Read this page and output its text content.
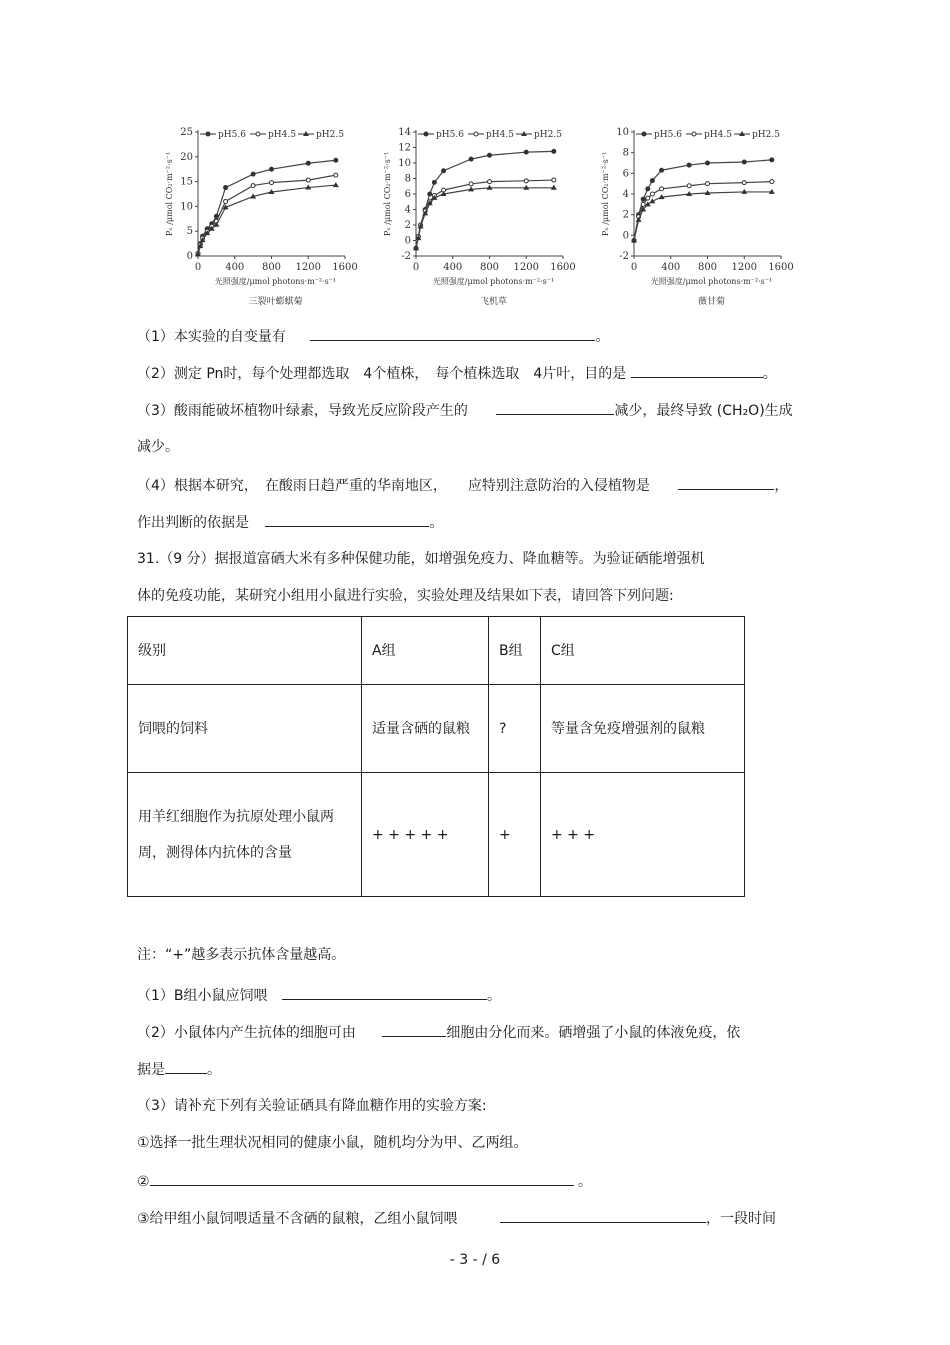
0
5
10
15
20
25
0 400 800 1200 1600
Pₙ /μmol CO₂·m⁻²·s⁻¹
光照强度/μmol photons·m⁻²·s⁻¹
三裂叶蟛蜞菊
pH5.6 pH4.5 pH2.5
-2
0
2
4
6
8
10
12
14
0 400 800 1200 1600
Pₙ /μmol CO₂·m⁻²·s⁻¹
光照强度/μmol photons·m⁻²·s⁻¹
飞机草
pH5.6 pH4.5 pH2.5
-2
0
2
4
6
8
10
0 400 800 1200 1600
Pₙ /μmol CO₂·m⁻²·s⁻¹
光照强度/μmol photons·m⁻²·s⁻¹
薇甘菊
pH5.6 pH4.5 pH2.5
（1）本实验的自变量有	。
（2）测定 Pn时，每个处理都选取　4个植株，　每个植株选取　4片叶，目的是	。
（3）酸雨能破坏植物叶绿素，导致光反应阶段产生的	减少，最终导致 (CH₂O)生成
减少。
（4）根据本研究，　在酸雨日趋严重的华南地区，　　应特别注意防治的入侵植物是	，
作出判断的依据是	。
31.（9 分）据报道富硒大米有多种保健功能，如增强免疫力、降血糖等。为验证硒能增强机
体的免疫功能，某研究小组用小鼠进行实验，实验处理及结果如下表，请回答下列问题:
级别	A组	B组	C组
饲喂的饲料	适量含硒的鼠粮	?	等量含免疫增强剂的鼠粮
用羊红细胞作为抗原处理小鼠两周，测得体内抗体的含量	+ + + + +	+	+ + +
注：“+”越多表示抗体含量越高。
（1）B组小鼠应饲喂	。
（2）小鼠体内产生抗体的细胞可由	细胞由分化而来。硒增强了小鼠的体液免疫，依
据是	。
（3）请补充下列有关验证硒具有降血糖作用的实验方案:
①选择一批生理状况相同的健康小鼠，随机均分为甲、乙两组。
②	。
③给甲组小鼠饲喂适量不含硒的鼠粮，乙组小鼠饲喂	，一段时间
- 3 - / 6
